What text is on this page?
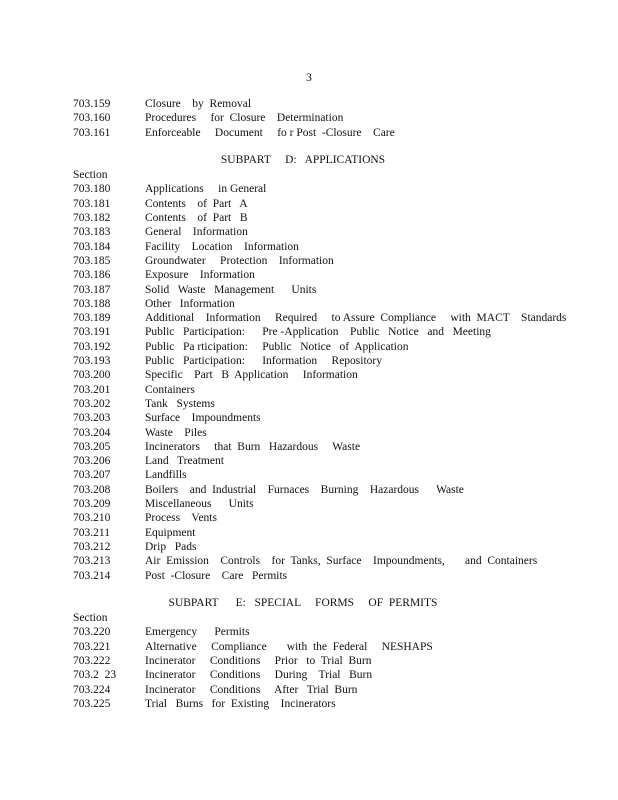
3
703.159	Closure    by  Removal
703.160	Procedures     for  Closure    Determination
703.161	Enforceable     Document     fo r Post  -Closure    Care
SUBPART     D:   APPLICATIONS
Section
703.180	Applications     in General
703.181	Contents    of  Part   A
703.182	Contents    of  Part   B
703.183	General    Information
703.184	Facility    Location    Information
703.185	Groundwater     Protection    Information
703.186	Exposure    Information
703.187	Solid   Waste   Management      Units
703.188	Other   Information
703.189	Additional    Information     Required     to Assure  Compliance     with  MACT    Standards
703.191	Public   Participation:      Pre -Application    Public   Notice   and   Meeting
703.192	Public   Pa rticipation:     Public   Notice   of  Application
703.193	Public   Participation:      Information     Repository
703.200	Specific    Part   B  Application     Information
703.201	Containers
703.202	Tank   Systems
703.203	Surface    Impoundments
703.204	Waste    Piles
703.205	Incinerators     that  Burn   Hazardous     Waste
703.206	Land   Treatment
703.207	Landfills
703.208	Boilers    and  Industrial    Furnaces    Burning    Hazardous      Waste
703.209	Miscellaneous      Units
703.210	Process    Vents
703.211	Equipment
703.212	Drip   Pads
703.213	Air  Emission    Controls    for  Tanks,  Surface    Impoundments,       and  Containers
703.214	Post  -Closure    Care   Permits
SUBPART      E:   SPECIAL     FORMS     OF  PERMITS
Section
703.220	Emergency      Permits
703.221	Alternative     Compliance       with  the  Federal     NESHAPS
703.222	Incinerator     Conditions     Prior   to  Trial  Burn
703.2  23	Incinerator     Conditions     During    Trial   Burn
703.224	Incinerator     Conditions     After   Trial  Burn
703.225	Trial   Burns   for  Existing    Incinerators
